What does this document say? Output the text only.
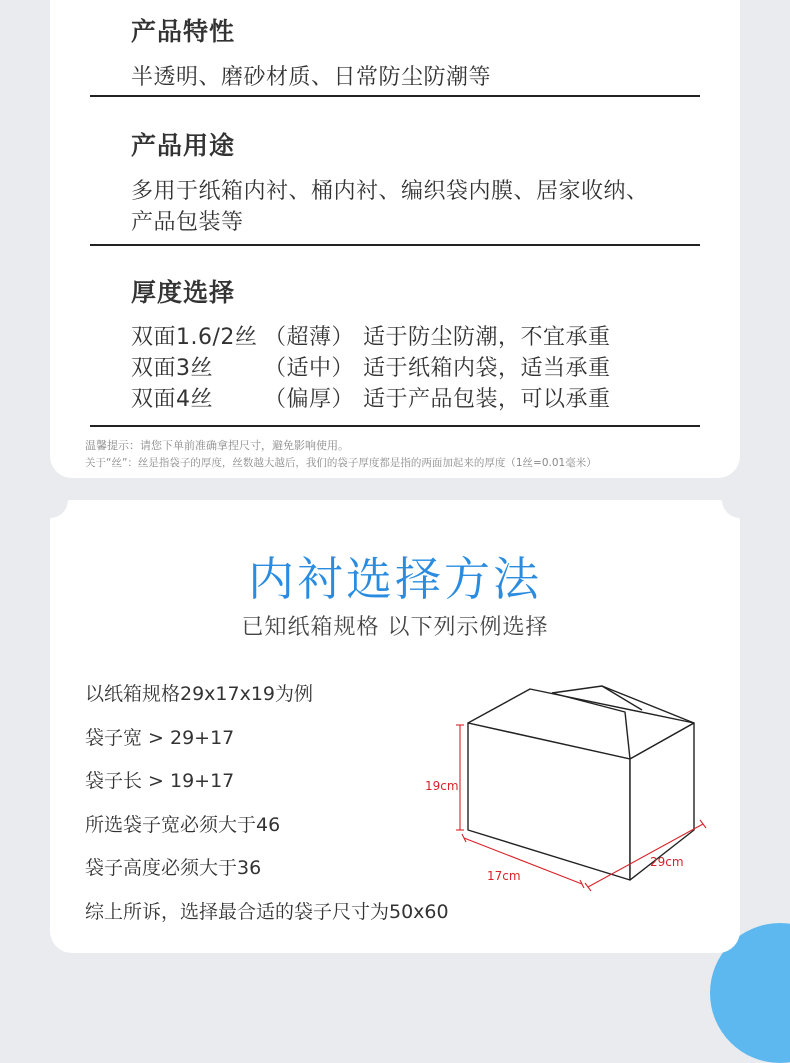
产品特性
半透明、磨砂材质、日常防尘防潮等
产品用途
多用于纸箱内衬、桶内衬、编织袋内膜、居家收纳、
产品包装等
厚度选择
双面1.6/2丝 （超薄） 适于防尘防潮，不宜承重
双面3丝 （适中） 适于纸箱内袋，适当承重
双面4丝 （偏厚） 适于产品包装，可以承重
温馨提示：请您下单前准确拿捏尺寸，避免影响使用。
关于“丝”：丝是指袋子的厚度，丝数越大越后，我们的袋子厚度都是指的两面加起来的厚度（1丝=0.01毫米）
内衬选择方法
已知纸箱规格 以下列示例选择
以纸箱规格29x17x19为例
袋子宽 > 29+17
袋子长 > 19+17
所选袋子宽必须大于46
袋子高度必须大于36
综上所诉，选择最合适的袋子尺寸为50x60
19cm
17cm
29cm
